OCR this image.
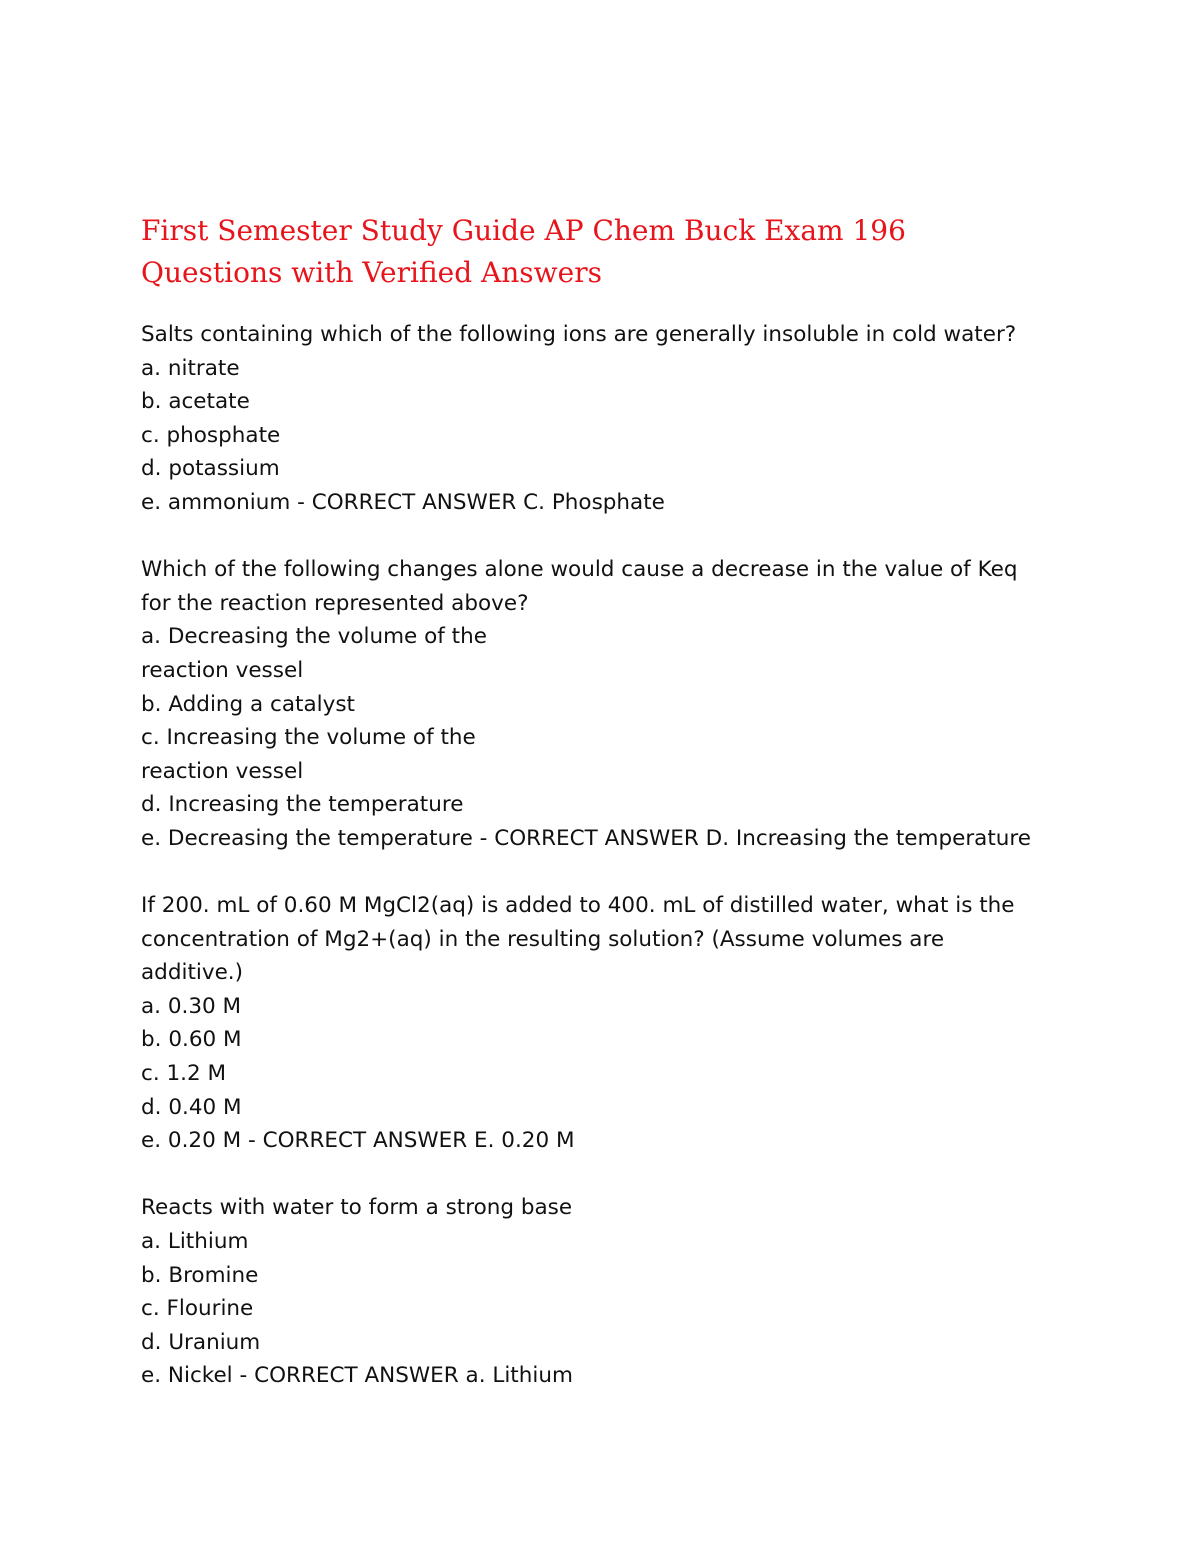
First Semester Study Guide AP Chem Buck Exam 196
Questions with Verified Answers
Salts containing which of the following ions are generally insoluble in cold water?
a. nitrate
b. acetate
c. phosphate
d. potassium
e. ammonium - CORRECT ANSWER C. Phosphate
Which of the following changes alone would cause a decrease in the value of Keq
for the reaction represented above?
a. Decreasing the volume of the
reaction vessel
b. Adding a catalyst
c. Increasing the volume of the
reaction vessel
d. Increasing the temperature
e. Decreasing the temperature - CORRECT ANSWER D. Increasing the temperature
If 200. mL of 0.60 M MgCl2(aq) is added to 400. mL of distilled water, what is the
concentration of Mg2+(aq) in the resulting solution? (Assume volumes are
additive.)
a. 0.30 M
b. 0.60 M
c. 1.2 M
d. 0.40 M
e. 0.20 M - CORRECT ANSWER E. 0.20 M
Reacts with water to form a strong base
a. Lithium
b. Bromine
c. Flourine
d. Uranium
e. Nickel - CORRECT ANSWER a. Lithium
